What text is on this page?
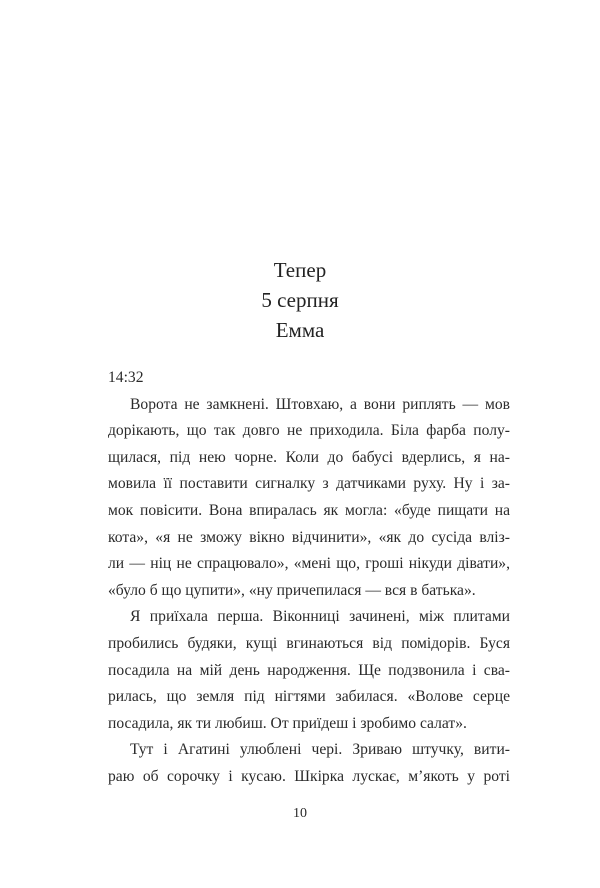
Тепер
5 серпня
Емма
14:32
Ворота не замкнені. Штовхаю, а вони риплять — мов
дорікають, що так довго не приходила. Біла фарба полу-
щилася, під нею чорне. Коли до бабусі вдерлись, я на-
мовила її поставити сигналку з датчиками руху. Ну і за-
мок повісити. Вона впиралась як могла: «буде пищати на
кота», «я не зможу вікно відчинити», «як до сусіда вліз-
ли — ніц не спрацювало», «мені що, гроші нікуди дівати»,
«було б що цупити», «ну причепилася — вся в батька».
Я приїхала перша. Віконниці зачинені, між плитами
пробились будяки, кущі вгинаються від помідорів. Буся
посадила на мій день народження. Ще подзвонила і сва-
рилась, що земля під нігтями забилася. «Волове серце
посадила, як ти любиш. От приїдеш і зробимо салат».
Тут і Агатині улюблені чері. Зриваю штучку, вити-
раю об сорочку і кусаю. Шкірка лускає, м’якоть у роті
10
